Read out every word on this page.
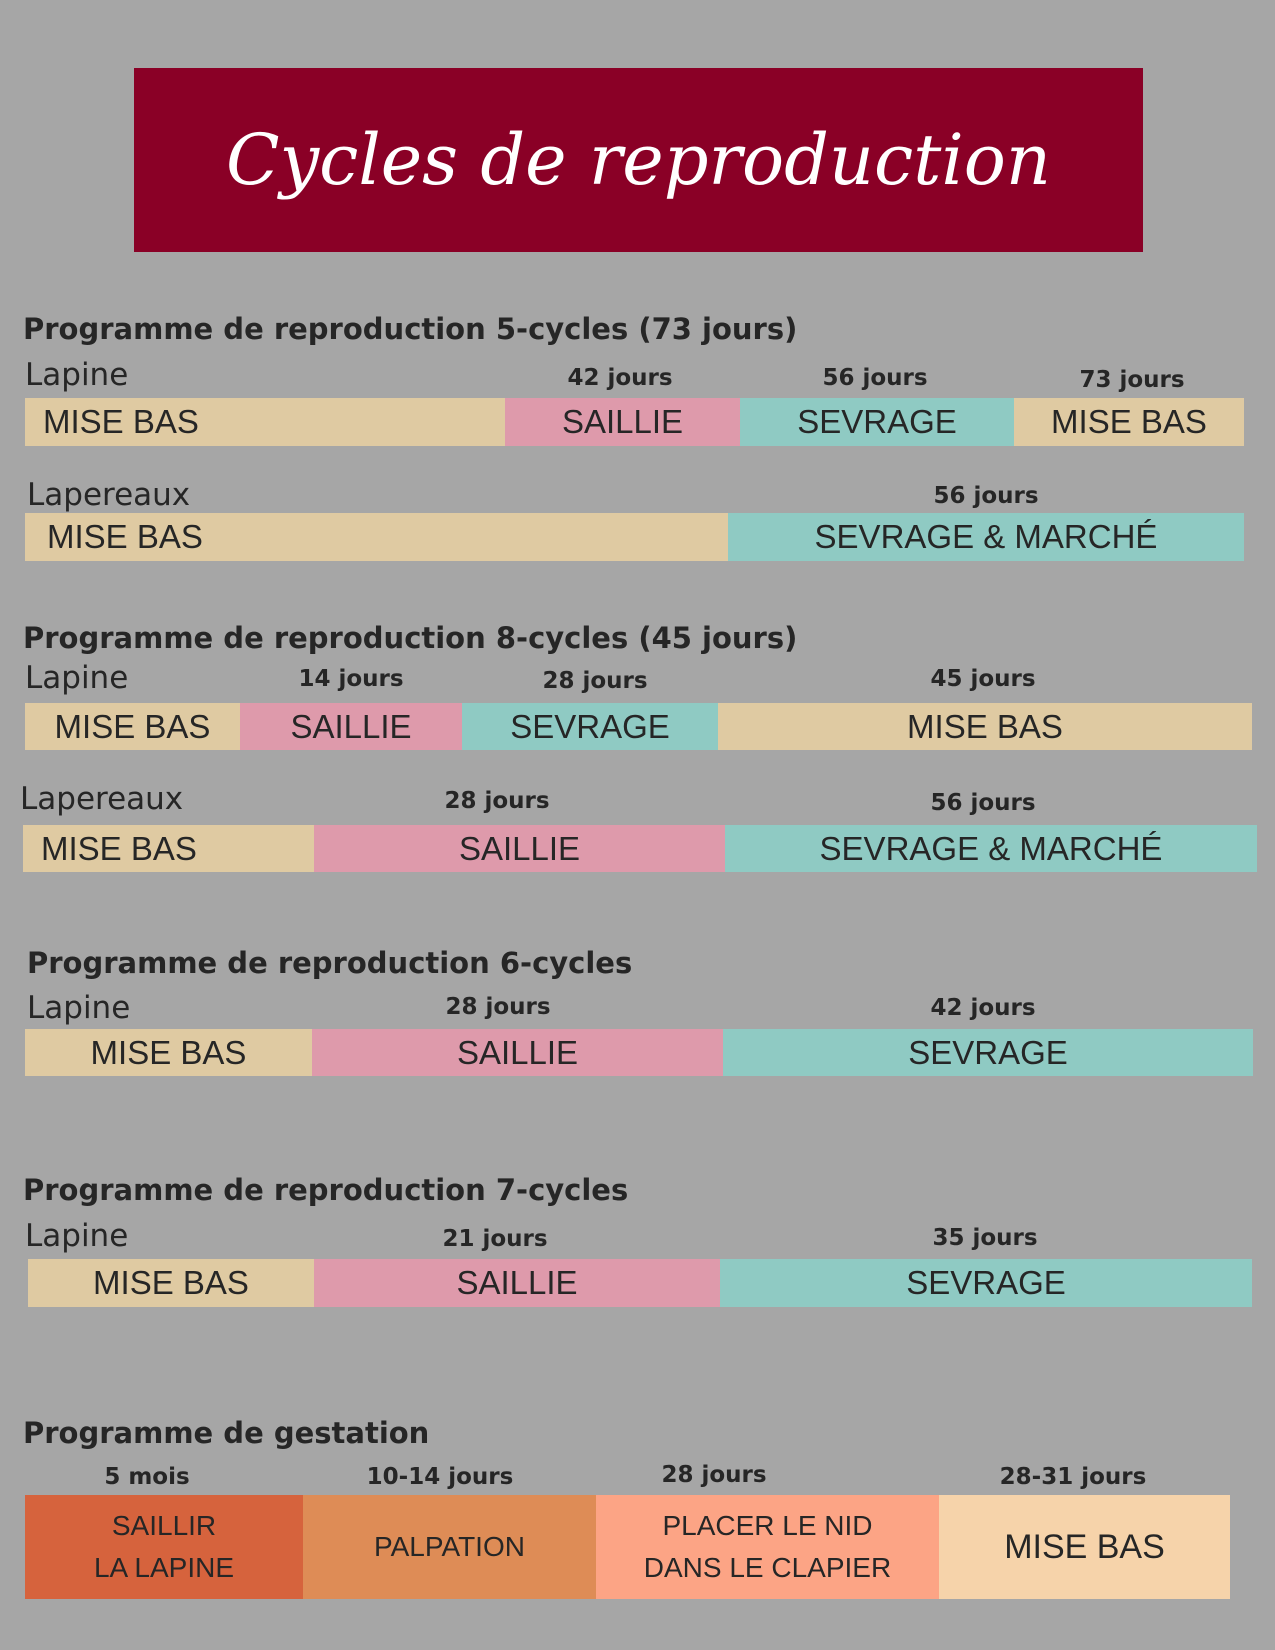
Cycles de reproduction
Programme de reproduction 5-cycles (73 jours)
Lapine	42 jours	56 jours	73 jours
MISE BAS	SAILLIE	SEVRAGE	MISE BAS
Lapereaux	56 jours
MISE BAS	SEVRAGE & MARCHÉ
Programme de reproduction 8-cycles (45 jours)
Lapine	14 jours	28 jours	45 jours
MISE BAS	SAILLIE	SEVRAGE	MISE BAS
Lapereaux	28 jours	56 jours
MISE BAS	SAILLIE	SEVRAGE & MARCHÉ
Programme de reproduction 6-cycles
Lapine	28 jours	42 jours
MISE BAS	SAILLIE	SEVRAGE
Programme de reproduction 7-cycles
Lapine	21 jours	35 jours
MISE BAS	SAILLIE	SEVRAGE
Programme de gestation
5 mois	10-14 jours	28 jours	28-31 jours
SAILLIR
LA LAPINE
PALPATION
PLACER LE NID
DANS LE CLAPIER
MISE BAS
